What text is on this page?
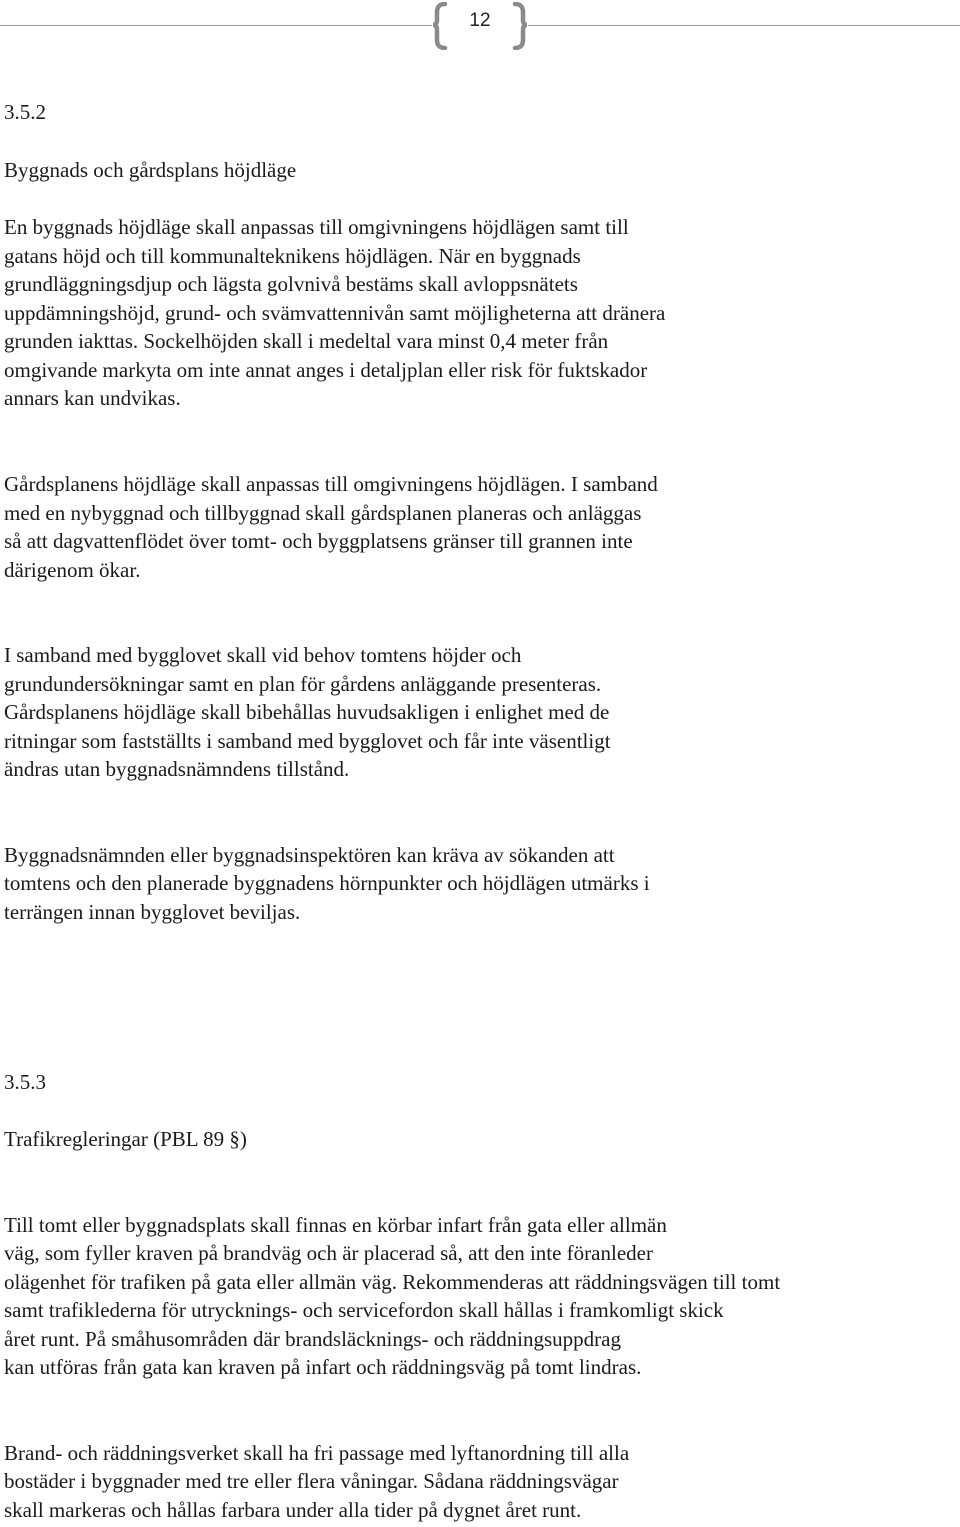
12

3.5.2

Byggnads och gårdsplans höjdläge

En byggnads höjdläge skall anpassas till omgivningens höjdlägen samt till

gatans höjd och till kommunalteknikens höjdlägen. När en byggnads

grundläggningsdjup och lägsta golvnivå bestäms skall avloppsnätets

uppdämningshöjd, grund- och svämvattennivån samt möjligheterna att dränera

grunden iakttas. Sockelhöjden skall i medeltal vara minst 0,4 meter från

omgivande markyta om inte annat anges i detaljplan eller risk för fuktskador

annars kan undvikas.

Gårdsplanens höjdläge skall anpassas till omgivningens höjdlägen. I samband

med en nybyggnad och tillbyggnad skall gårdsplanen planeras och anläggas

så att dagvattenflödet över tomt- och byggplatsens gränser till grannen inte

därigenom ökar.

I samband med bygglovet skall vid behov tomtens höjder och

grundundersökningar samt en plan för gårdens anläggande presenteras.

Gårdsplanens höjdläge skall bibehållas huvudsakligen i enlighet med de

ritningar som fastställts i samband med bygglovet och får inte väsentligt

ändras utan byggnadsnämndens tillstånd.

Byggnadsnämnden eller byggnadsinspektören kan kräva av sökanden att

tomtens och den planerade byggnadens hörnpunkter och höjdlägen utmärks i

terrängen innan bygglovet beviljas.

3.5.3

Trafikregleringar (PBL 89 §)

Till tomt eller byggnadsplats skall finnas en körbar infart från gata eller allmän

väg, som fyller kraven på brandväg och är placerad så, att den inte föranleder

olägenhet för trafiken på gata eller allmän väg. Rekommenderas att räddningsvägen till tomt

samt trafiklederna för utrycknings- och servicefordon skall hållas i framkomligt skick

året runt. På småhusområden där brandsläcknings- och räddningsuppdrag

kan utföras från gata kan kraven på infart och räddningsväg på tomt lindras.

Brand- och räddningsverket skall ha fri passage med lyftanordning till alla

bostäder i byggnader med tre eller flera våningar. Sådana räddningsvägar

skall markeras och hållas farbara under alla tider på dygnet året runt.
